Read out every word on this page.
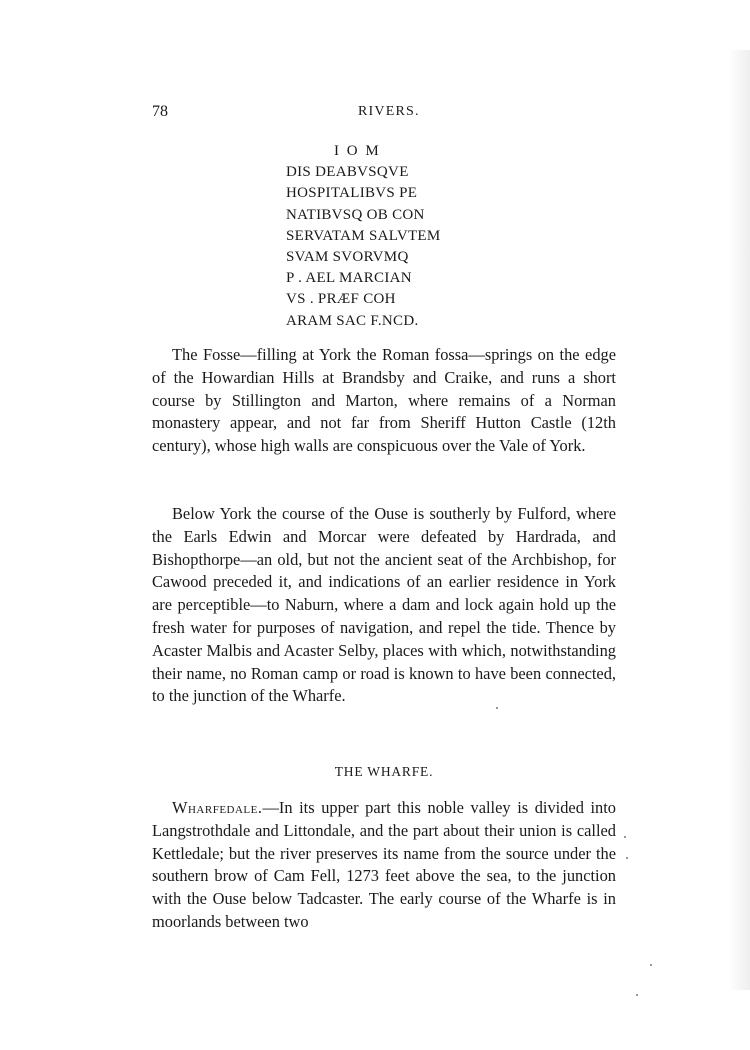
78	RIVERS.
I O M
DIS DEABVSQVE
HOSPITALIBVS PE
NATIBVSQ OB CON
SERVATAM SALVTEM
SVAM SVORVMQ
P . AEL MARCIAN
VS . PRÆF COH
ARAM SAC F.NCD.

The Fosse—filling at York the Roman fossa—springs on the edge of the Howardian Hills at Brandsby and Craike, and runs a short course by Stillington and Marton, where remains of a Norman monastery appear, and not far from Sheriff Hutton Castle (12th century), whose high walls are conspicuous over the Vale of York.

Below York the course of the Ouse is southerly by Fulford, where the Earls Edwin and Morcar were defeated by Hardrada, and Bishopthorpe—an old, but not the ancient seat of the Archbishop, for Cawood preceded it, and indications of an earlier residence in York are perceptible—to Naburn, where a dam and lock again hold up the fresh water for purposes of navigation, and repel the tide. Thence by Acaster Malbis and Acaster Selby, places with which, notwithstanding their name, no Roman camp or road is known to have been connected, to the junction of the Wharfe.

THE WHARFE.

Wharfedale.—In its upper part this noble valley is divided into Langstrothdale and Littondale, and the part about their union is called Kettledale; but the river preserves its name from the source under the southern brow of Cam Fell, 1273 feet above the sea, to the junction with the Ouse below Tadcaster. The early course of the Wharfe is in moorlands between two
